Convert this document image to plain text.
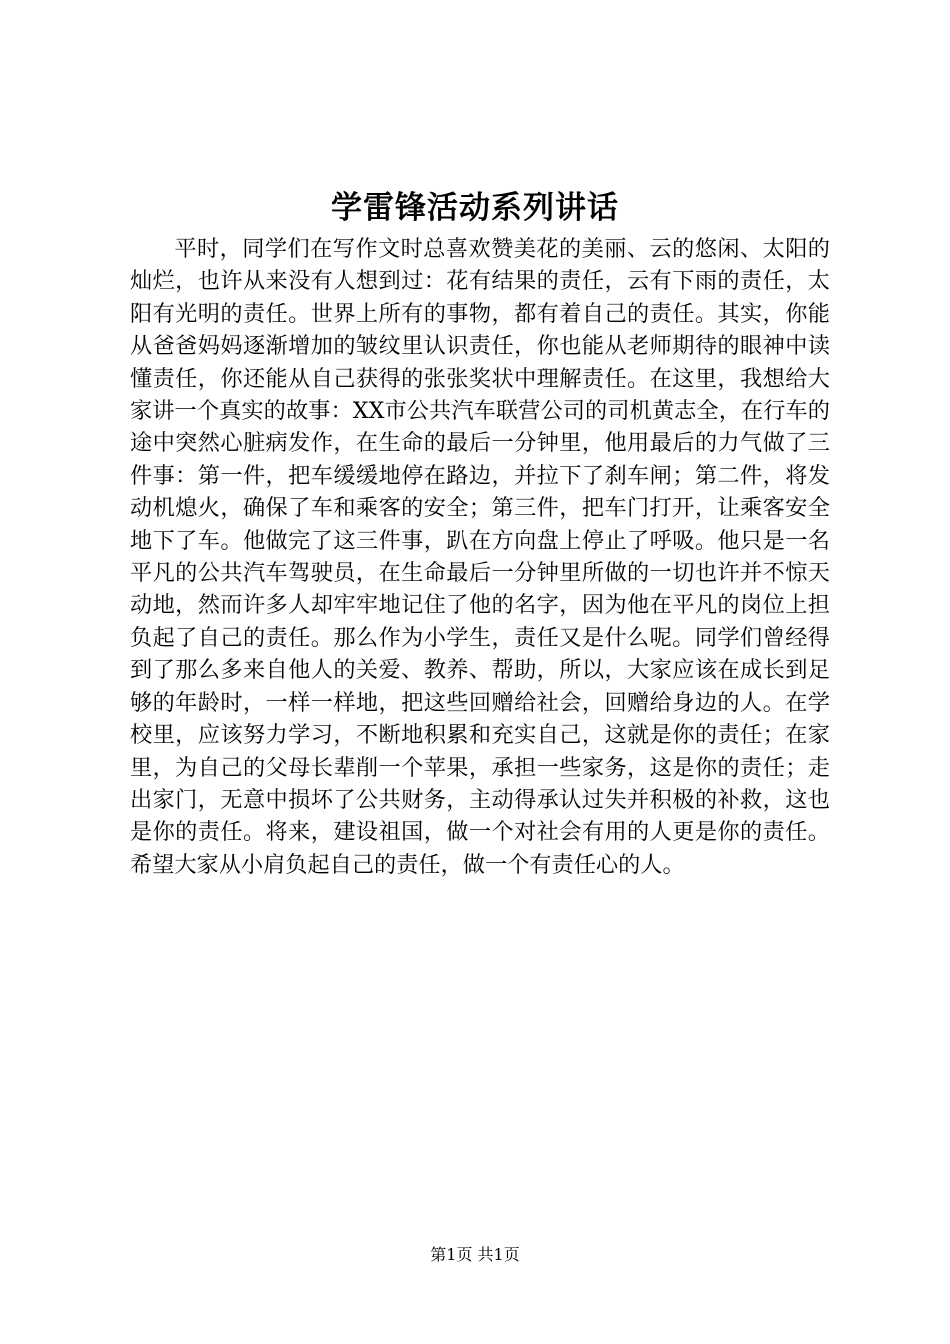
学雷锋活动系列讲话

平时，同学们在写作文时总喜欢赞美花的美丽、云的悠闲、太阳的灿烂，也许从来没有人想到过：花有结果的责任，云有下雨的责任，太阳有光明的责任。世界上所有的事物，都有着自己的责任。其实，你能从爸爸妈妈逐渐增加的皱纹里认识责任，你也能从老师期待的眼神中读懂责任，你还能从自己获得的张张奖状中理解责任。在这里，我想给大家讲一个真实的故事：XX市公共汽车联营公司的司机黄志全，在行车的途中突然心脏病发作，在生命的最后一分钟里，他用最后的力气做了三件事：第一件，把车缓缓地停在路边，并拉下了刹车闸；第二件，将发动机熄火，确保了车和乘客的安全；第三件，把车门打开，让乘客安全地下了车。他做完了这三件事，趴在方向盘上停止了呼吸。他只是一名平凡的公共汽车驾驶员，在生命最后一分钟里所做的一切也许并不惊天动地，然而许多人却牢牢地记住了他的名字，因为他在平凡的岗位上担负起了自己的责任。那么作为小学生，责任又是什么呢。同学们曾经得到了那么多来自他人的关爱、教养、帮助，所以，大家应该在成长到足够的年龄时，一样一样地，把这些回赠给社会，回赠给身边的人。在学校里，应该努力学习，不断地积累和充实自己，这就是你的责任；在家里，为自己的父母长辈削一个苹果，承担一些家务，这是你的责任；走出家门，无意中损坏了公共财务，主动得承认过失并积极的补救，这也是你的责任。将来，建设祖国，做一个对社会有用的人更是你的责任。希望大家从小肩负起自己的责任，做一个有责任心的人。

第1页 共1页
